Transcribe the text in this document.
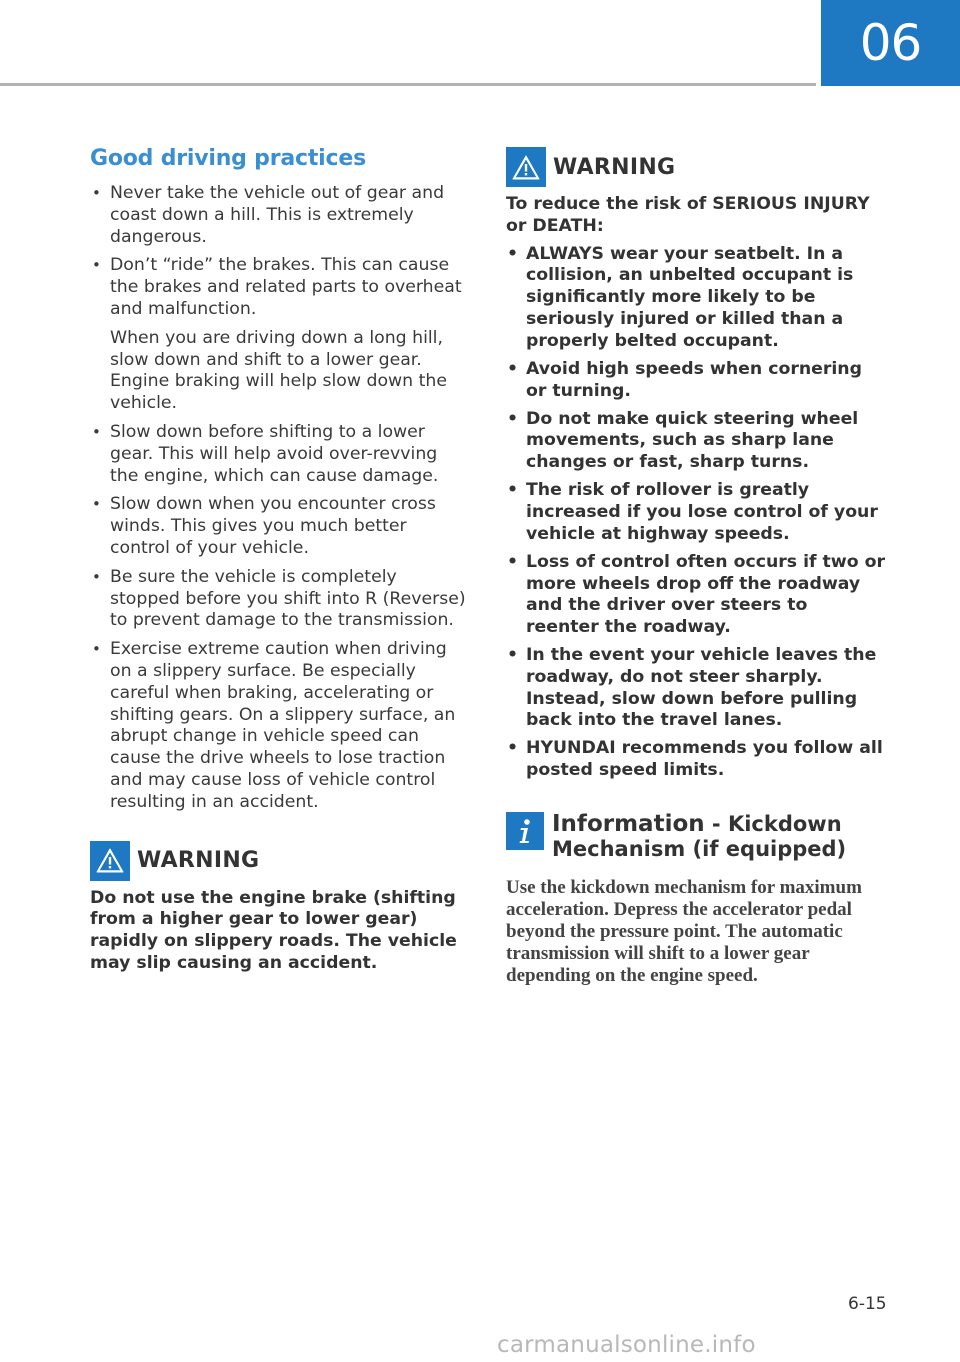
06
Good driving practices
• Never take the vehicle out of gear and coast down a hill. This is extremely dangerous.
• Don’t “ride” the brakes. This can cause the brakes and related parts to overheat and malfunction.
When you are driving down a long hill, slow down and shift to a lower gear. Engine braking will help slow down the vehicle.
• Slow down before shifting to a lower gear. This will help avoid over-revving the engine, which can cause damage.
• Slow down when you encounter cross winds. This gives you much better control of your vehicle.
• Be sure the vehicle is completely stopped before you shift into R (Reverse) to prevent damage to the transmission.
• Exercise extreme caution when driving on a slippery surface. Be especially careful when braking, accelerating or shifting gears. On a slippery surface, an abrupt change in vehicle speed can cause the drive wheels to lose traction and may cause loss of vehicle control resulting in an accident.
WARNING
Do not use the engine brake (shifting from a higher gear to lower gear) rapidly on slippery roads. The vehicle may slip causing an accident.
WARNING
To reduce the risk of SERIOUS INJURY or DEATH:
• ALWAYS wear your seatbelt. In a collision, an unbelted occupant is significantly more likely to be seriously injured or killed than a properly belted occupant.
• Avoid high speeds when cornering or turning.
• Do not make quick steering wheel movements, such as sharp lane changes or fast, sharp turns.
• The risk of rollover is greatly increased if you lose control of your vehicle at highway speeds.
• Loss of control often occurs if two or more wheels drop off the roadway and the driver over steers to reenter the roadway.
• In the event your vehicle leaves the roadway, do not steer sharply. Instead, slow down before pulling back into the travel lanes.
• HYUNDAI recommends you follow all posted speed limits.
Information - Kickdown Mechanism (if equipped)
Use the kickdown mechanism for maximum acceleration. Depress the accelerator pedal beyond the pressure point. The automatic transmission will shift to a lower gear depending on the engine speed.
6-15
carmanualsonline.info
